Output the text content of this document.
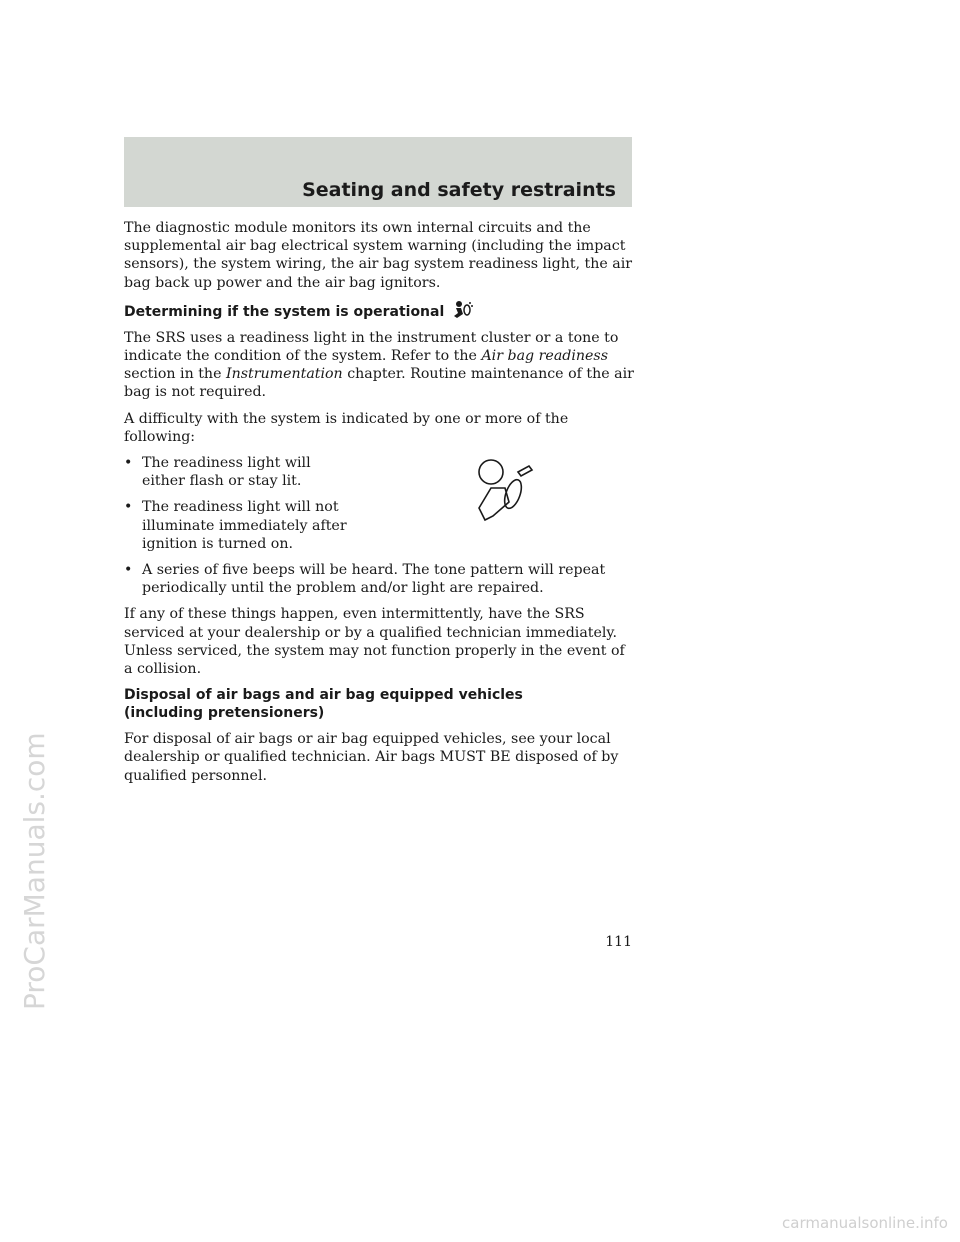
ProCarManuals.com
Seating and safety restraints

The diagnostic module monitors its own internal circuits and the supplemental air bag electrical system warning (including the impact sensors), the system wiring, the air bag system readiness light, the air bag back up power and the air bag ignitors.

Determining if the system is operational

The SRS uses a readiness light in the instrument cluster or a tone to indicate the condition of the system. Refer to the Air bag readiness section in the Instrumentation chapter. Routine maintenance of the air bag is not required.

A difficulty with the system is indicated by one or more of the following:

• The readiness light will either flash or stay lit.
• The readiness light will not illuminate immediately after ignition is turned on.
• A series of five beeps will be heard. The tone pattern will repeat periodically until the problem and/or light are repaired.

If any of these things happen, even intermittently, have the SRS serviced at your dealership or by a qualified technician immediately. Unless serviced, the system may not function properly in the event of a collision.

Disposal of air bags and air bag equipped vehicles
(including pretensioners)

For disposal of air bags or air bag equipped vehicles, see your local dealership or qualified technician. Air bags MUST BE disposed of by qualified personnel.

111
carmanualsonline.info
